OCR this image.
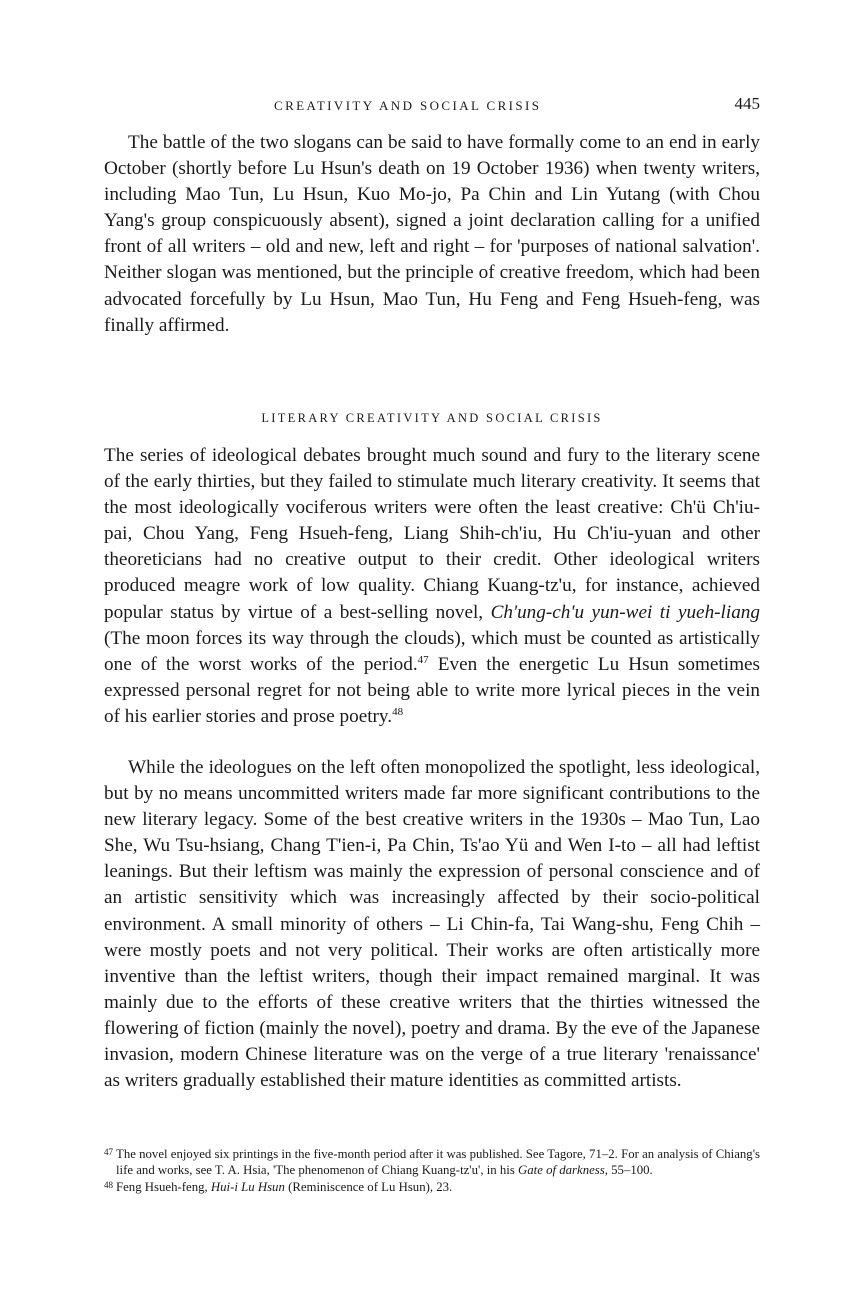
CREATIVITY AND SOCIAL CRISIS	445

The battle of the two slogans can be said to have formally come to an end in early October (shortly before Lu Hsun's death on 19 October 1936) when twenty writers, including Mao Tun, Lu Hsun, Kuo Mo-jo, Pa Chin and Lin Yutang (with Chou Yang's group conspicuously absent), signed a joint declaration calling for a unified front of all writers – old and new, left and right – for 'purposes of national salvation'. Neither slogan was mentioned, but the principle of creative freedom, which had been advocated forcefully by Lu Hsun, Mao Tun, Hu Feng and Feng Hsueh-feng, was finally affirmed.

LITERARY CREATIVITY AND SOCIAL CRISIS

The series of ideological debates brought much sound and fury to the literary scene of the early thirties, but they failed to stimulate much literary creativity. It seems that the most ideologically vociferous writers were often the least creative: Ch'ü Ch'iu-pai, Chou Yang, Feng Hsueh-feng, Liang Shih-ch'iu, Hu Ch'iu-yuan and other theoreticians had no creative output to their credit. Other ideological writers produced meagre work of low quality. Chiang Kuang-tz'u, for instance, achieved popular status by virtue of a best-selling novel, Ch'ung-ch'u yun-wei ti yueh-liang (The moon forces its way through the clouds), which must be counted as artistically one of the worst works of the period.$^{47}$ Even the energetic Lu Hsun sometimes expressed personal regret for not being able to write more lyrical pieces in the vein of his earlier stories and prose poetry.$^{48}$

While the ideologues on the left often monopolized the spotlight, less ideological, but by no means uncommitted writers made far more significant contributions to the new literary legacy. Some of the best creative writers in the 1930s – Mao Tun, Lao She, Wu Tsu-hsiang, Chang T'ien-i, Pa Chin, Ts'ao Yü and Wen I-to – all had leftist leanings. But their leftism was mainly the expression of personal conscience and of an artistic sensitivity which was increasingly affected by their socio-political environment. A small minority of others – Li Chin-fa, Tai Wang-shu, Feng Chih – were mostly poets and not very political. Their works are often artistically more inventive than the leftist writers, though their impact remained marginal. It was mainly due to the efforts of these creative writers that the thirties witnessed the flowering of fiction (mainly the novel), poetry and drama. By the eve of the Japanese invasion, modern Chinese literature was on the verge of a true literary 'renaissance' as writers gradually established their mature identities as committed artists.

47 The novel enjoyed six printings in the five-month period after it was published. See Tagore, 71–2. For an analysis of Chiang's life and works, see T. A. Hsia, 'The phenomenon of Chiang Kuang-tz'u', in his Gate of darkness, 55–100.

48 Feng Hsueh-feng, Hui-i Lu Hsun (Reminiscence of Lu Hsun), 23.
